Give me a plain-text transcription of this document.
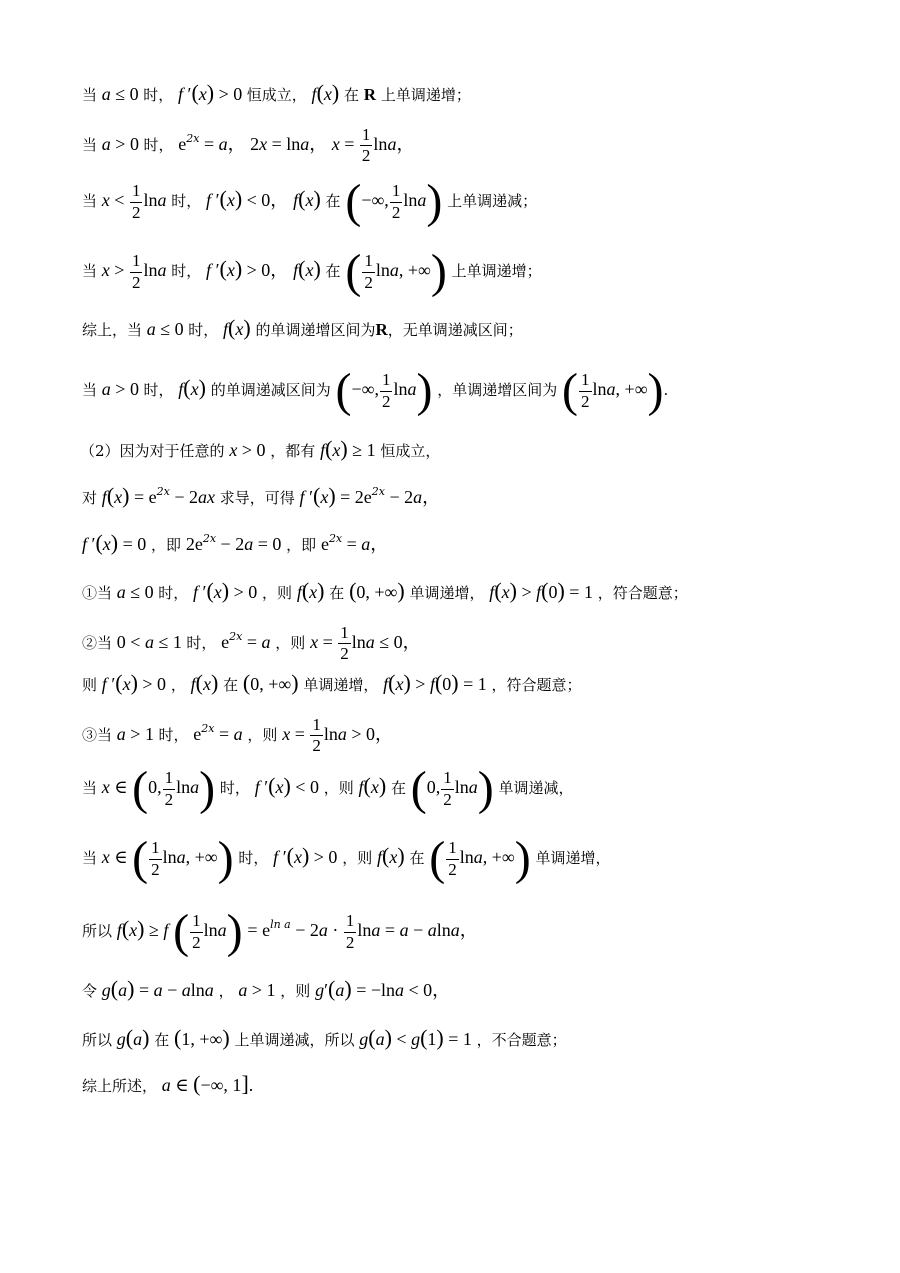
当 a ≤ 0 时， f ′(x) > 0 恒成立， f(x) 在 R 上单调递增；
当 a > 0 时， $e^{2x} = a$， 2x = lna， $x = \frac{1}{2}$ lna，
当 $x < \frac{1}{2}$ lna 时， f ′(x) < 0， f(x) 在 (−∞, $\frac{1}{2} \ln a$) 上单调递减；
当 $x > \frac{1}{2}$ lna 时， f ′(x) > 0， f(x) 在 ( $\frac{1}{2} \ln a$, +∞) 上单调递增；
综上，当 a ≤ 0 时， f(x) 的单调递增区间为R，无单调递减区间；
当 a > 0 时， f(x) 的单调递减区间为 (−∞, $\frac{1}{2} \ln a$) ，单调递增区间为 ( $\frac{1}{2} \ln a$, +∞).
（2）因为对于任意的 x > 0 ，都有 f(x) ≥ 1 恒成立，
对 $f(x) = e^{2x} - 2ax$ 求导，可得 f $'(x) = 2e^{2x} - 2a$，
f ′(x) = 0 ，即 $2e^{2x} - 2a = 0$ ，即 $e^{2x} = a$，
①当 a ≤ 0 时， f ′(x) > 0 ，则 f(x) 在 (0, +∞) 单调递增， f(x) > f(0) = 1 ，符合题意；
②当 0 < a ≤ 1 时， $e^{2x} = a$ ，则 $x = \frac{1}{2}$ lna ≤ 0，
则 f ′(x) > 0 ， f(x) 在 (0, +∞) 单调递增， f(x) > f(0) = 1 ，符合题意；
③当 a > 1 时， $e^{2x} = a$ ，则 $x = \frac{1}{2}$ lna > 0，
当 x ∈ (0, $\frac{1}{2} \ln a$) 时， f ′(x) < 0 ，则 f(x) 在 (0, $\frac{1}{2} \ln a$) 单调递减，
当 x ∈ ( $\frac{1}{2} \ln a$, +∞) 时， f ′(x) > 0 ，则 f(x) 在 ( $\frac{1}{2} \ln a$, +∞) 单调递增，
所以 f(x) ≥ f ( $\frac{1}{2} \ln a) = e^{ln a} - 2a \cdot \frac{1}{2}$ lna = a − alna，
令 g(a) = a − alna ， a > 1 ，则 g′(a) = −lna < 0，
所以 g(a) 在 (1, +∞) 上单调递减，所以 g(a) < g(1) = 1 ，不合题意；
综上所述， a ∈ (−∞, 1].
